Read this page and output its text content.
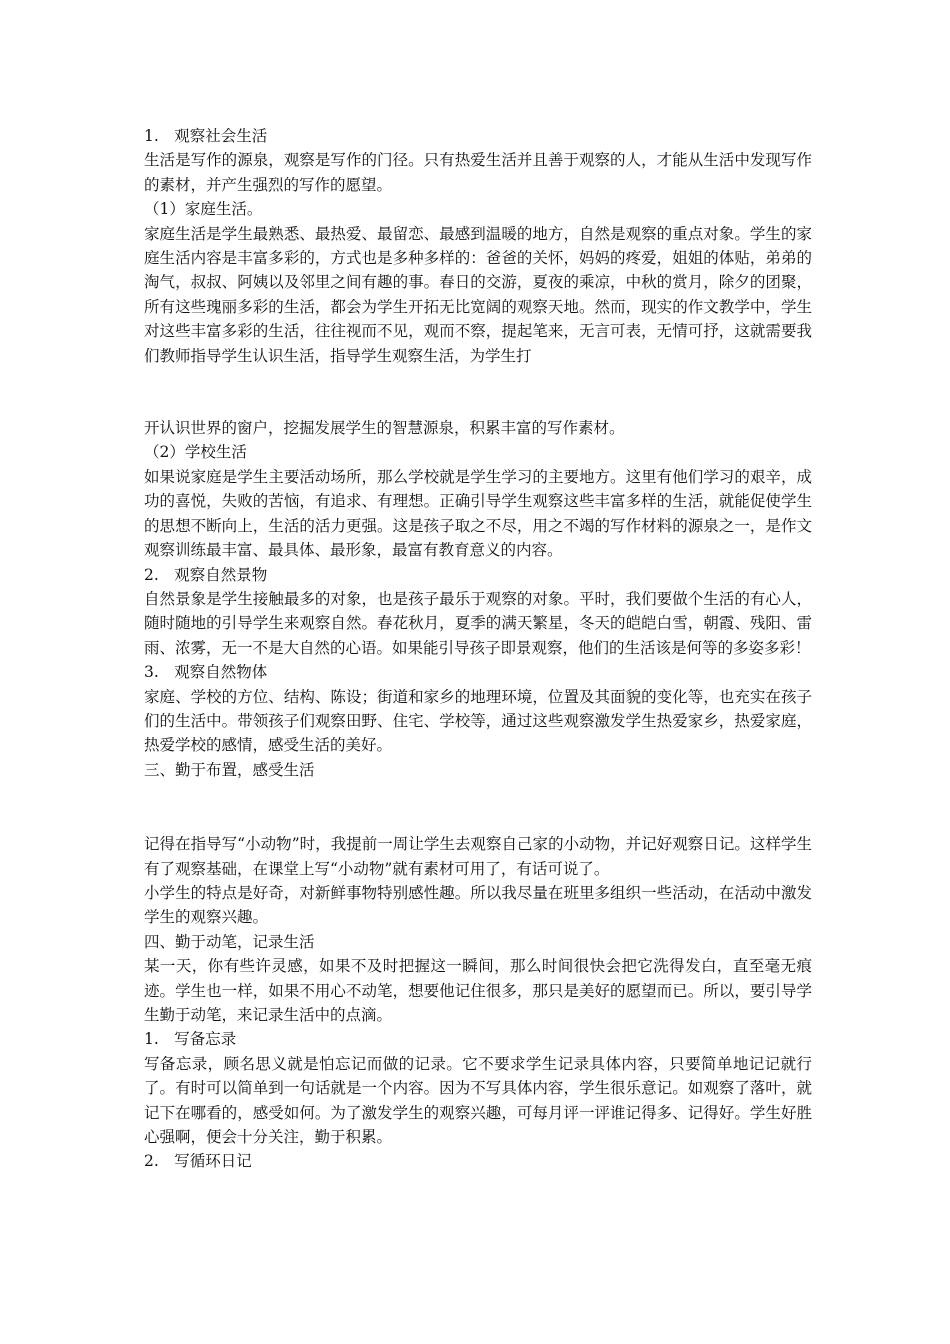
1.　观察社会生活

生活是写作的源泉，观察是写作的门径。只有热爱生活并且善于观察的人，才能从生活中发现写作的素材，并产生强烈的写作的愿望。

（1）家庭生活。

家庭生活是学生最熟悉、最热爱、最留恋、最感到温暖的地方，自然是观察的重点对象。学生的家庭生活内容是丰富多彩的，方式也是多种多样的：爸爸的关怀，妈妈的疼爱，姐姐的体贴，弟弟的淘气，叔叔、阿姨以及邻里之间有趣的事。春日的交游，夏夜的乘凉，中秋的赏月，除夕的团聚，所有这些瑰丽多彩的生活，都会为学生开拓无比宽阔的观察天地。然而，现实的作文教学中，学生对这些丰富多彩的生活，往往视而不见，观而不察，提起笔来，无言可表，无情可抒，这就需要我们教师指导学生认识生活，指导学生观察生活，为学生打

开认识世界的窗户，挖掘发展学生的智慧源泉，积累丰富的写作素材。

（2）学校生活

如果说家庭是学生主要活动场所，那么学校就是学生学习的主要地方。这里有他们学习的艰辛，成功的喜悦，失败的苦恼，有追求、有理想。正确引导学生观察这些丰富多样的生活，就能促使学生的思想不断向上，生活的活力更强。这是孩子取之不尽，用之不竭的写作材料的源泉之一，是作文观察训练最丰富、最具体、最形象，最富有教育意义的内容。

2.　观察自然景物

自然景象是学生接触最多的对象，也是孩子最乐于观察的对象。平时，我们要做个生活的有心人，随时随地的引导学生来观察自然。春花秋月，夏季的满天繁星，冬天的皑皑白雪，朝霞、残阳、雷雨、浓雾，无一不是大自然的心语。如果能引导孩子即景观察，他们的生活该是何等的多姿多彩！

3.　观察自然物体

家庭、学校的方位、结构、陈设；街道和家乡的地理环境，位置及其面貌的变化等，也充实在孩子们的生活中。带领孩子们观察田野、住宅、学校等，通过这些观察激发学生热爱家乡，热爱家庭，热爱学校的感情，感受生活的美好。

三、勤于布置，感受生活

记得在指导写“小动物”时，我提前一周让学生去观察自己家的小动物，并记好观察日记。这样学生有了观察基础，在课堂上写“小动物”就有素材可用了，有话可说了。

小学生的特点是好奇，对新鲜事物特别感性趣。所以我尽量在班里多组织一些活动，在活动中激发学生的观察兴趣。

四、勤于动笔，记录生活

某一天，你有些许灵感，如果不及时把握这一瞬间，那么时间很快会把它洗得发白，直至毫无痕迹。学生也一样，如果不用心不动笔，想要他记住很多，那只是美好的愿望而已。所以，要引导学生勤于动笔，来记录生活中的点滴。

1.　写备忘录

写备忘录，顾名思义就是怕忘记而做的记录。它不要求学生记录具体内容，只要简单地记记就行了。有时可以简单到一句话就是一个内容。因为不写具体内容，学生很乐意记。如观察了落叶，就记下在哪看的，感受如何。为了激发学生的观察兴趣，可每月评一评谁记得多、记得好。学生好胜心强啊，便会十分关注，勤于积累。

2.　写循环日记
